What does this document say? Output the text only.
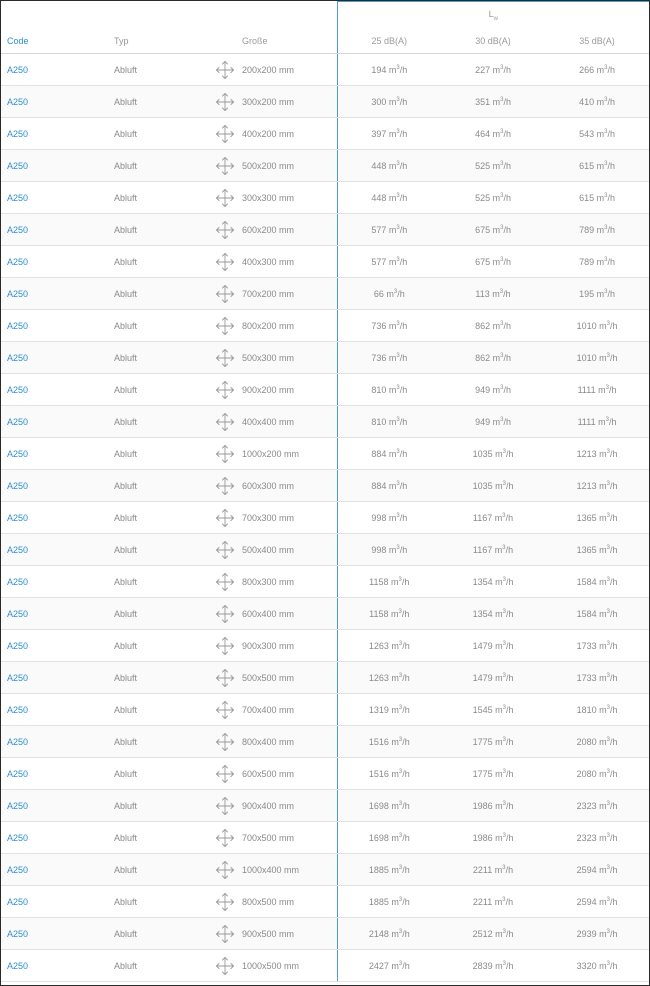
			$L_w$
Code	Typ	Große	25 dB(A)	30 dB(A)	35 dB(A)
A250	Abluft	200x200 mm	194 $m^3/h$	227 $m^3/h$	266 $m^3/h$
A250	Abluft	300x200 mm	300 $m^3/h$	351 $m^3/h$	410 $m^3/h$
A250	Abluft	400x200 mm	397 $m^3/h$	464 $m^3/h$	543 $m^3/h$
A250	Abluft	500x200 mm	448 $m^3/h$	525 $m^3/h$	615 $m^3/h$
A250	Abluft	300x300 mm	448 $m^3/h$	525 $m^3/h$	615 $m^3/h$
A250	Abluft	600x200 mm	577 $m^3/h$	675 $m^3/h$	789 $m^3/h$
A250	Abluft	400x300 mm	577 $m^3/h$	675 $m^3/h$	789 $m^3/h$
A250	Abluft	700x200 mm	66 $m^3/h$	113 $m^3/h$	195 $m^3/h$
A250	Abluft	800x200 mm	736 $m^3/h$	862 $m^3/h$	1010 $m^3/h$
A250	Abluft	500x300 mm	736 $m^3/h$	862 $m^3/h$	1010 $m^3/h$
A250	Abluft	900x200 mm	810 $m^3/h$	949 $m^3/h$	1111 $m^3/h$
A250	Abluft	400x400 mm	810 $m^3/h$	949 $m^3/h$	1111 $m^3/h$
A250	Abluft	1000x200 mm	884 $m^3/h$	1035 $m^3/h$	1213 $m^3/h$
A250	Abluft	600x300 mm	884 $m^3/h$	1035 $m^3/h$	1213 $m^3/h$
A250	Abluft	700x300 mm	998 $m^3/h$	1167 $m^3/h$	1365 $m^3/h$
A250	Abluft	500x400 mm	998 $m^3/h$	1167 $m^3/h$	1365 $m^3/h$
A250	Abluft	800x300 mm	1158 $m^3/h$	1354 $m^3/h$	1584 $m^3/h$
A250	Abluft	600x400 mm	1158 $m^3/h$	1354 $m^3/h$	1584 $m^3/h$
A250	Abluft	900x300 mm	1263 $m^3/h$	1479 $m^3/h$	1733 $m^3/h$
A250	Abluft	500x500 mm	1263 $m^3/h$	1479 $m^3/h$	1733 $m^3/h$
A250	Abluft	700x400 mm	1319 $m^3/h$	1545 $m^3/h$	1810 $m^3/h$
A250	Abluft	800x400 mm	1516 $m^3/h$	1775 $m^3/h$	2080 $m^3/h$
A250	Abluft	600x500 mm	1516 $m^3/h$	1775 $m^3/h$	2080 $m^3/h$
A250	Abluft	900x400 mm	1698 $m^3/h$	1986 $m^3/h$	2323 $m^3/h$
A250	Abluft	700x500 mm	1698 $m^3/h$	1986 $m^3/h$	2323 $m^3/h$
A250	Abluft	1000x400 mm	1885 $m^3/h$	2211 $m^3/h$	2594 $m^3/h$
A250	Abluft	800x500 mm	1885 $m^3/h$	2211 $m^3/h$	2594 $m^3/h$
A250	Abluft	900x500 mm	2148 $m^3/h$	2512 $m^3/h$	2939 $m^3/h$
A250	Abluft	1000x500 mm	2427 $m^3/h$	2839 $m^3/h$	3320 $m^3/h$
